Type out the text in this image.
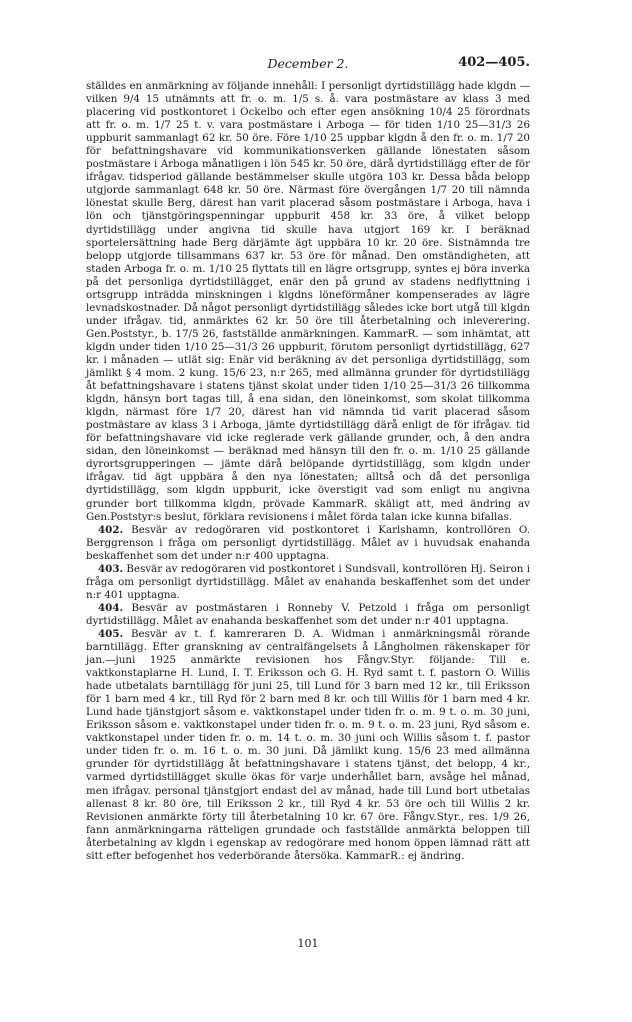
December 2.	402—405.

ställdes en anmärkning av följande innehåll: I personligt dyrtidstillägg hade klgdn — vilken 9/4 15 utnämnts att fr. o. m. 1/5 s. å. vara postmästare av klass 3 med placering vid postkontoret i Ockelbo och efter egen ansökning 10/4 25 förordnats att fr. o. m. 1/7 25 t. v. vara postmästare i Arboga — för tiden 1/10 25—31/3 26 uppburit sammanlagt 62 kr. 50 öre. Före 1/10 25 uppbar klgdn å den fr. o. m. 1/7 20 för befattningshavare vid kommunikationsverken gällande lönestaten såsom postmästare i Arboga månatligen i lön 545 kr. 50 öre, därå dyrtidstillägg efter de för ifrågav. tidsperiod gällande bestämmelser skulle utgöra 103 kr. Dessa båda belopp utgjorde sammanlagt 648 kr. 50 öre. Närmast före övergången 1/7 20 till nämnda lönestat skulle Berg, därest han varit placerad såsom postmästare i Arboga, hava i lön och tjänstgöringspenningar uppburit 458 kr. 33 öre, å vilket belopp dyrtidstillägg under angivna tid skulle hava utgjort 169 kr. I beräknad sportelersättning hade Berg därjämte ägt uppbära 10 kr. 20 öre. Sistnämnda tre belopp utgjorde tillsammans 637 kr. 53 öre för månad. Den omständigheten, att staden Arboga fr. o. m. 1/10 25 flyttats till en lägre ortsgrupp, syntes ej böra inverka på det personliga dyrtidstillägget, enär den på grund av stadens nedflyttning i ortsgrupp inträdda minskningen i klgdns löneförmåner kompenserades av lägre levnadskostnader. Då något personligt dyrtidstillägg således icke bort utgå till klgdn under ifrågav. tid, anmärktes 62 kr. 50 öre till återbetalning och inleverering. Gen.Poststyr., b. 17/5 26, fastställde anmärkningen. KammarR. — som inhämtat, att klgdn under tiden 1/10 25—31/3 26 uppburit, förutom personligt dyrtidstillägg, 627 kr. i månaden — utlät sig: Enär vid beräkning av det personliga dyrtidstillägg, som jämlikt § 4 mom. 2 kung. 15/6 23, n:r 265, med allmänna grunder för dyrtidstillägg åt befattningshavare i statens tjänst skolat under tiden 1/10 25—31/3 26 tillkomma klgdn, hänsyn bort tagas till, å ena sidan, den löneinkomst, som skolat tillkomma klgdn, närmast före 1/7 20, därest han vid nämnda tid varit placerad såsom postmästare av klass 3 i Arboga, jämte dyrtidstillägg därå enligt de för ifrågav. tid för befattningshavare vid icke reglerade verk gällande grunder, och, å den andra sidan, den löneinkomst — beräknad med hänsyn till den fr. o. m. 1/10 25 gällande dyrortsgrupperingen — jämte därå belöpande dyrtidstillägg, som klgdn under ifrågav. tid ägt uppbära å den nya lönestaten; alltså och då det personliga dyrtidstillägg, som klgdn uppburit, icke överstigit vad som enligt nu angivna grunder bort tillkomma klgdn, prövade KammarR. skäligt att, med ändring av Gen.Poststyr:s beslut, förklara revisionens i målet förda talan icke kunna bifallas.

402. Besvär av redogöraren vid postkontoret i Karlshamn, kontrollören O. Berggrenson i fråga om personligt dyrtidstillägg. Målet av i huvudsak enahanda beskaffenhet som det under n:r 400 upptagna.

403. Besvär av redogöraren vid postkontoret i Sundsvall, kontrollören Hj. Seiron i fråga om personligt dyrtidstillägg. Målet av enahanda beskaffenhet som det under n:r 401 upptagna.

404. Besvär av postmästaren i Ronneby V. Petzold i fråga om personligt dyrtidstillägg. Målet av enahanda beskaffenhet som det under n:r 401 upptagna.

405. Besvär av t. f. kamreraren D. A. Widman i anmärkningsmål rörande barntillägg. Efter granskning av centralfängelsets å Långholmen räkenskaper för jan.—juni 1925 anmärkte revisionen hos Fångv.Styr. följande: Till e. vaktkonstaplarne H. Lund, I. T. Eriksson och G. H. Ryd samt t. f. pastorn O. Willis hade utbetalats barntillägg för juni 25, till Lund för 3 barn med 12 kr., till Eriksson för 1 barn med 4 kr., till Ryd för 2 barn med 8 kr. och till Willis för 1 barn med 4 kr. Lund hade tjänstgjort såsom e. vaktkonstapel under tiden fr. o. m. 9 t. o. m. 30 juni, Eriksson såsom e. vaktkonstapel under tiden fr. o. m. 9 t. o. m. 23 juni, Ryd såsom e. vaktkonstapel under tiden fr. o. m. 14 t. o. m. 30 juni och Willis såsom t. f. pastor under tiden fr. o. m. 16 t. o. m. 30 juni. Då jämlikt kung. 15/6 23 med allmänna grunder för dyrtidstillägg åt befattningshavare i statens tjänst, det belopp, 4 kr., varmed dyrtidstillägget skulle ökas för varje underhållet barn, avsåge hel månad, men ifrågav. personal tjänstgjort endast del av månad, hade till Lund bort utbetalas allenast 8 kr. 80 öre, till Eriksson 2 kr., till Ryd 4 kr. 53 öre och till Willis 2 kr. Revisionen anmärkte förty till återbetalning 10 kr. 67 öre. Fångv.Styr., res. 1/9 26, fann anmärkningarna rätteligen grundade och fastställde anmärkta beloppen till återbetalning av klgdn i egenskap av redogörare med honom öppen lämnad rätt att sitt efter befogenhet hos vederbörande återsöka. KammarR.: ej ändring.

101
